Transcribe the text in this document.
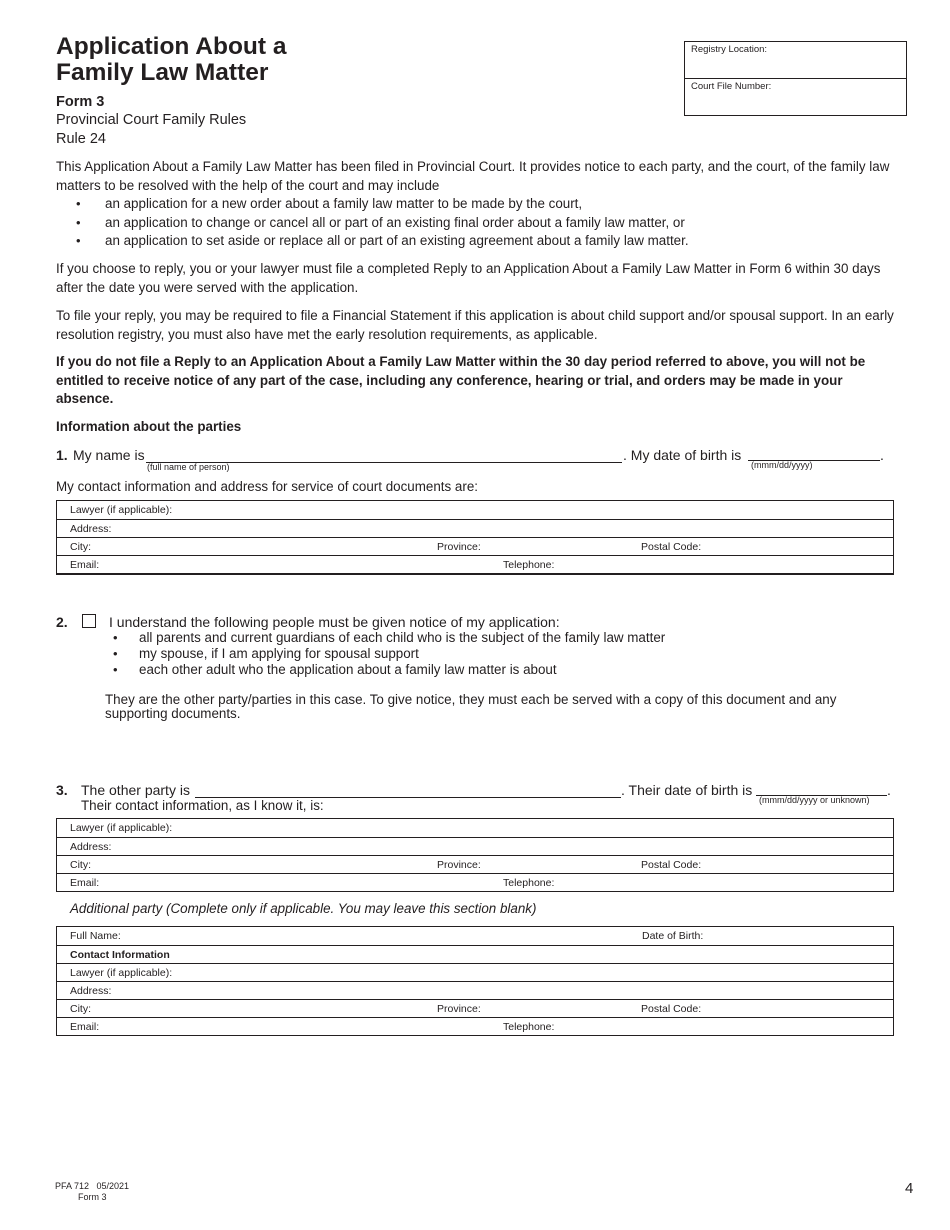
Application About a
Family Law Matter
Form 3
Provincial Court Family Rules
Rule 24
Registry Location:
Court File Number:
This Application About a Family Law Matter has been filed in Provincial Court. It provides notice to each party, and the court, of the family law matters to be resolved with the help of the court and may include
• an application for a new order about a family law matter to be made by the court,
• an application to change or cancel all or part of an existing final order about a family law matter, or
• an application to set aside or replace all or part of an existing agreement about a family law matter.
If you choose to reply, you or your lawyer must file a completed Reply to an Application About a Family Law Matter in Form 6 within 30 days after the date you were served with the application.
To file your reply, you may be required to file a Financial Statement if this application is about child support and/or spousal support. In an early resolution registry, you must also have met the early resolution requirements, as applicable.
If you do not file a Reply to an Application About a Family Law Matter within the 30 day period referred to above, you will not be entitled to receive notice of any part of the case, including any conference, hearing or trial, and orders may be made in your absence.
Information about the parties
1. My name is
(full name of person)
. My date of birth is	.
(mmm/dd/yyyy)
My contact information and address for service of court documents are:
Lawyer (if applicable):
Address:
City:	Province:	Postal Code:
Email:	Telephone:
2.	I understand the following people must be given notice of my application:
• all parents and current guardians of each child who is the subject of the family law matter
• my spouse, if I am applying for spousal support
• each other adult who the application about a family law matter is about
They are the other party/parties in this case. To give notice, they must each be served with a copy of this document and any supporting documents.
3. The other party is	. Their date of birth is	.
(mmm/dd/yyyy or unknown)
Their contact information, as I know it, is:
Lawyer (if applicable):
Address:
City:	Province:	Postal Code:
Email:	Telephone:
Additional party (Complete only if applicable. You may leave this section blank)
Full Name:	Date of Birth:
Contact Information
Lawyer (if applicable):
Address:
City:	Province:	Postal Code:
Email:	Telephone:
PFA 712   05/2021
Form 3	4
